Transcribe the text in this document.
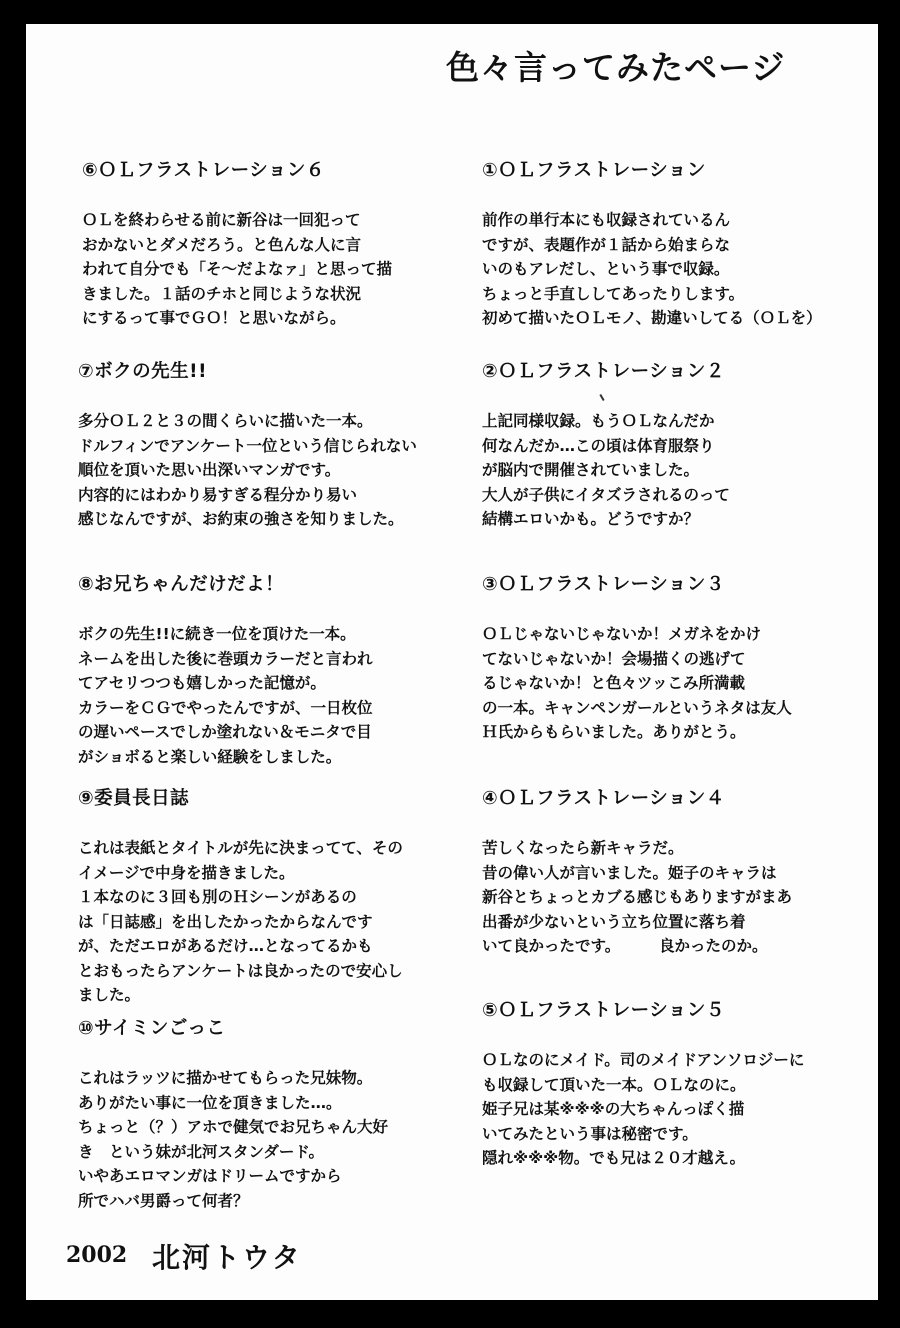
色々言ってみたページ
⑥ＯＬフラストレーション６
ＯＬを終わらせる前に新谷は一回犯って
おかないとダメだろう。と色んな人に言
われて自分でも「そ〜だよなァ」と思って描
きました。１話のチホと同じような状況
にするって事でＧＯ！と思いながら。
⑦ボクの先生!!
多分ＯＬ２と３の間くらいに描いた一本。
ドルフィンでアンケート一位という信じられない
順位を頂いた思い出深いマンガです。
内容的にはわかり易すぎる程分かり易い
感じなんですが、お約束の強さを知りました。
⑧お兄ちゃんだけだよ！
ボクの先生!!に続き一位を頂けた一本。
ネームを出した後に巻頭カラーだと言われ
てアセリつつも嬉しかった記憶が。
カラーをＣＧでやったんですが、一日枚位
の遅いペースでしか塗れない＆モニタで目
がショボると楽しい経験をしました。
⑨委員長日誌
これは表紙とタイトルが先に決まってて、その
イメージで中身を描きました。
１本なのに３回も別のＨシーンがあるの
は「日誌感」を出したかったからなんです
が、ただエロがあるだけ…となってるかも
とおもったらアンケートは良かったので安心し
ました。
⑩サイミンごっこ
これはラッツに描かせてもらった兄妹物。
ありがたい事に一位を頂きました…。
ちょっと（？）アホで健気でお兄ちゃん大好
き　という妹が北河スタンダード。
いやあエロマンガはドリームですから
所でハバ男爵って何者？
①ＯＬフラストレーション
前作の単行本にも収録されているん
ですが、表題作が１話から始まらな
いのもアレだし、という事で収録。
ちょっと手直ししてあったりします。
初めて描いたＯＬモノ、勘違いしてる（ＯＬを）
②ＯＬフラストレーション２
上記同様収録。もうＯＬなんだか
何なんだか…この頃は体育服祭り
が脳内で開催されていました。
大人が子供にイタズラされるのって
結構エロいかも。どうですか？
③ＯＬフラストレーション３
ＯＬじゃないじゃないか！メガネをかけ
てないじゃないか！会場描くの逃げて
るじゃないか！と色々ツッこみ所満載
の一本。キャンペンガールというネタは友人
Ｈ氏からもらいました。ありがとう。
④ＯＬフラストレーション４
苦しくなったら新キャラだ。
昔の偉い人が言いました。姫子のキャラは
新谷とちょっとカブる感じもありますがまあ
出番が少ないという立ち位置に落ち着
いて良かったです。　　　良かったのか。
⑤ＯＬフラストレーション５
ＯＬなのにメイド。司のメイドアンソロジーに
も収録して頂いた一本。ＯＬなのに。
姫子兄は某※※※の大ちゃんっぽく描
いてみたという事は秘密です。
隠れ※※※物。でも兄は２０才越え。
2002 北河トウタ
